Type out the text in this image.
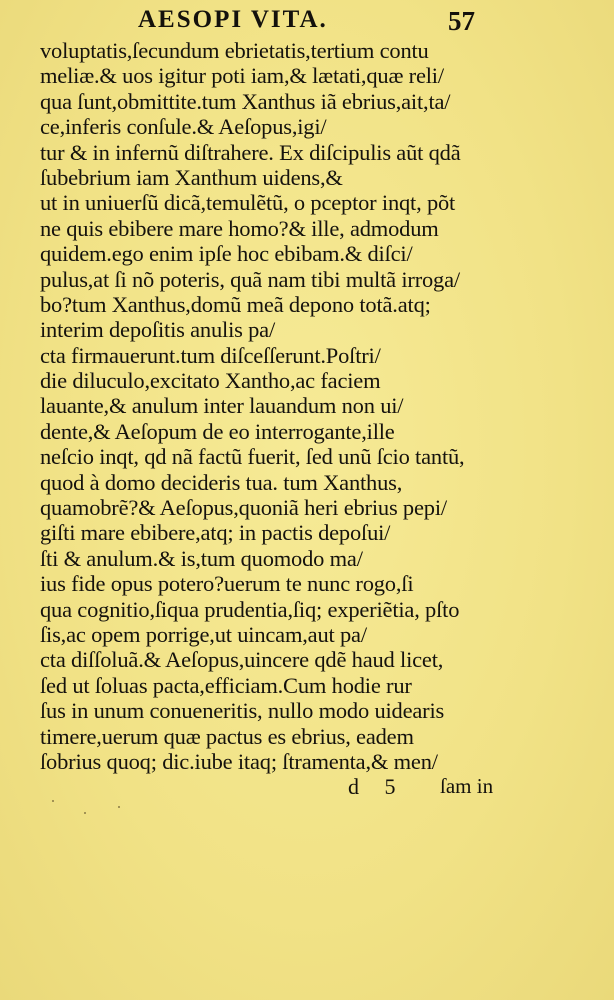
AESOPI VITA.	57
voluptatis,ſecundum ebrietatis,tertium contu
meliæ.& uos igitur poti iam,& lætati,quæ reli/
qua ſunt,obmittite.tum Xanthus iã ebrius,ait,ta/
ce,inferis conſule.& Aeſopus,igi/
tur & in infernũ diſtrahere. Ex diſcipulis aũt qdã
ſubebrium iam Xanthum uidens,&
ut in uniuerſũ dicã,temulẽtũ, o pceptor inqt, põt
ne quis ebibere mare homo?& ille, admodum
quidem.ego enim ipſe hoc ebibam.& diſci/
pulus,at ſi nõ poteris, quã nam tibi multã irroga/
bo?tum Xanthus,domũ meã depono totã.atq;
interim depoſitis anulis pa/
cta firmauerunt.tum diſceſſerunt.Poſtri/
die diluculo,excitato Xantho,ac faciem
lauante,& anulum inter lauandum non ui/
dente,& Aeſopum de eo interrogante,ille
neſcio inqt, qd nã factũ fuerit, ſed unũ ſcio tantũ,
quod à domo decideris tua. tum Xanthus,
quamobrẽ?& Aeſopus,quoniã heri ebrius pepi/
giſti mare ebibere,atq; in pactis depoſui/
ſti & anulum.& is,tum quomodo ma/
ius fide opus potero?uerum te nunc rogo,ſi
qua cognitio,ſiqua prudentia,ſiq; experiẽtia, pſto
ſis,ac opem porrige,ut uincam,aut pa/
cta diſſoluã.& Aeſopus,uincere qdẽ haud licet,
ſed ut ſoluas pacta,efficiam.Cum hodie rur
ſus in unum conueneritis, nullo modo uidearis
timere,uerum quæ pactus es ebrius, eadem
ſobrius quoq; dic.iube itaq; ſtramenta,& men/
d 5 ſam in
